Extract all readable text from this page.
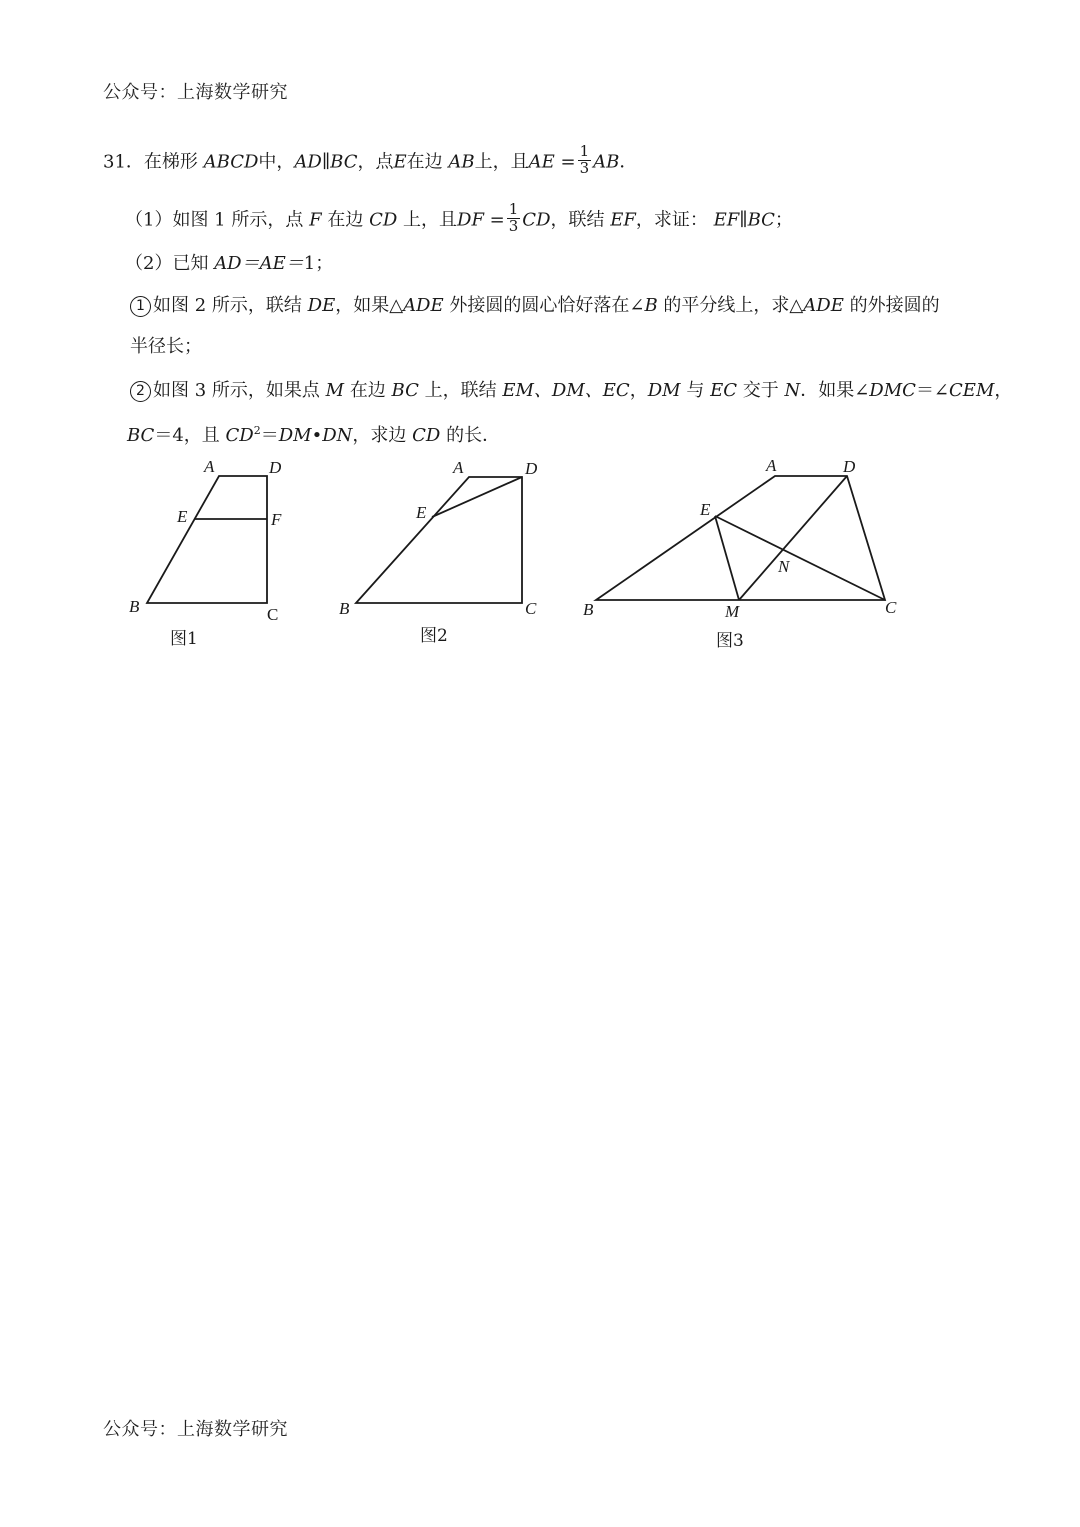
公众号：上海数学研究
31．在梯形 ABCD中，AD∥BC，点E在边 AB上，且AE = $\frac{1}{3}$ AB．
（1）如图 1 所示，点 F 在边 CD 上，且DF = $\frac{1}{3}$ CD，联结 EF，求证： EF∥BC；
（2）已知 AD＝AE＝1；
1 如图 2 所示，联结 DE，如果△ADE 外接圆的圆心恰好落在∠B 的平分线上，求△ADE 的外接圆的
半径长；
2 如图 3 所示，如果点 M 在边 BC 上，联结 EM、DM、EC，DM 与 EC 交于 N．如果∠DMC＝∠CEM，
BC＝4，且 $CD^2=DM•DN$，求边 CD 的长．
A	D
E	F
B	C
图1
A	D
E
B	C
图2
A	D
E
N
B	M	C
图3
公众号：上海数学研究
